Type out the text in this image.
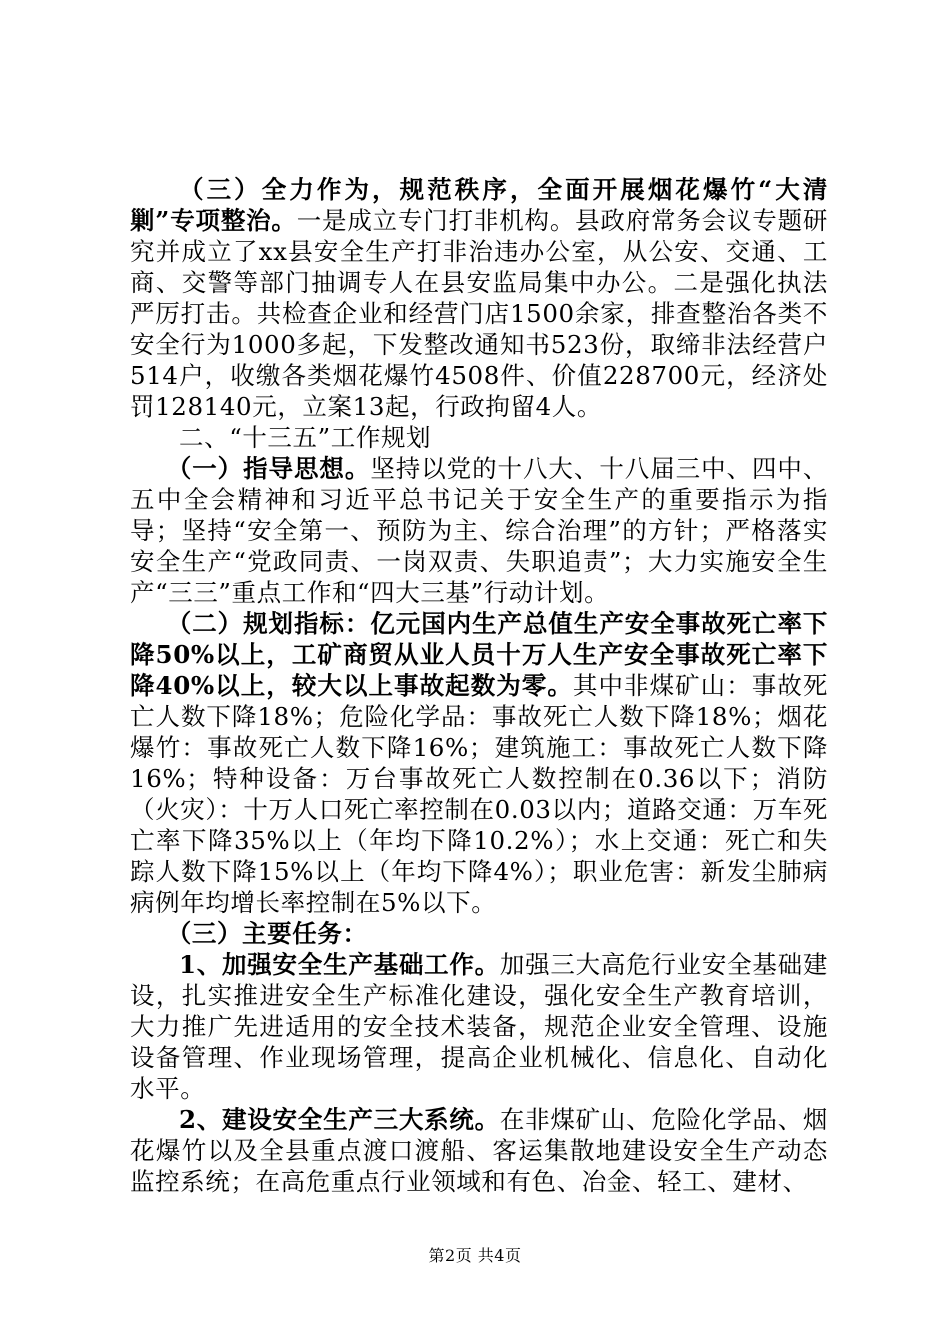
（三）全力作为，规范秩序，全面开展烟花爆竹“大清剿”专项整治。一是成立专门打非机构。县政府常务会议专题研究并成立了xx县安全生产打非治违办公室，从公安、交通、工商、交警等部门抽调专人在县安监局集中办公。二是强化执法严厉打击。共检查企业和经营门店1500余家，排查整治各类不安全行为1000多起，下发整改通知书523份，取缔非法经营户514户，收缴各类烟花爆竹4508件、价值228700元，经济处罚128140元，立案13起，行政拘留4人。

二、“十三五”工作规划

（一）指导思想。坚持以党的十八大、十八届三中、四中、五中全会精神和习近平总书记关于安全生产的重要指示为指导；坚持“安全第一、预防为主、综合治理”的方针；严格落实安全生产“党政同责、一岗双责、失职追责”；大力实施安全生产“三三”重点工作和“四大三基”行动计划。

（二）规划指标：亿元国内生产总值生产安全事故死亡率下降50%以上，工矿商贸从业人员十万人生产安全事故死亡率下降40%以上，较大以上事故起数为零。其中非煤矿山：事故死亡人数下降18%；危险化学品：事故死亡人数下降18%；烟花爆竹：事故死亡人数下降16%；建筑施工：事故死亡人数下降16%；特种设备：万台事故死亡人数控制在0.36以下；消防（火灾）：十万人口死亡率控制在0.03以内；道路交通：万车死亡率下降35%以上（年均下降10.2%）；水上交通：死亡和失踪人数下降15%以上（年均下降4%）；职业危害：新发尘肺病病例年均增长率控制在5%以下。

（三）主要任务：

1、加强安全生产基础工作。加强三大高危行业安全基础建设，扎实推进安全生产标准化建设，强化安全生产教育培训，大力推广先进适用的安全技术装备，规范企业安全管理、设施设备管理、作业现场管理，提高企业机械化、信息化、自动化水平。

2、建设安全生产三大系统。在非煤矿山、危险化学品、烟花爆竹以及全县重点渡口渡船、客运集散地建设安全生产动态监控系统；在高危重点行业领域和有色、冶金、轻工、建材、

第2页 共4页
